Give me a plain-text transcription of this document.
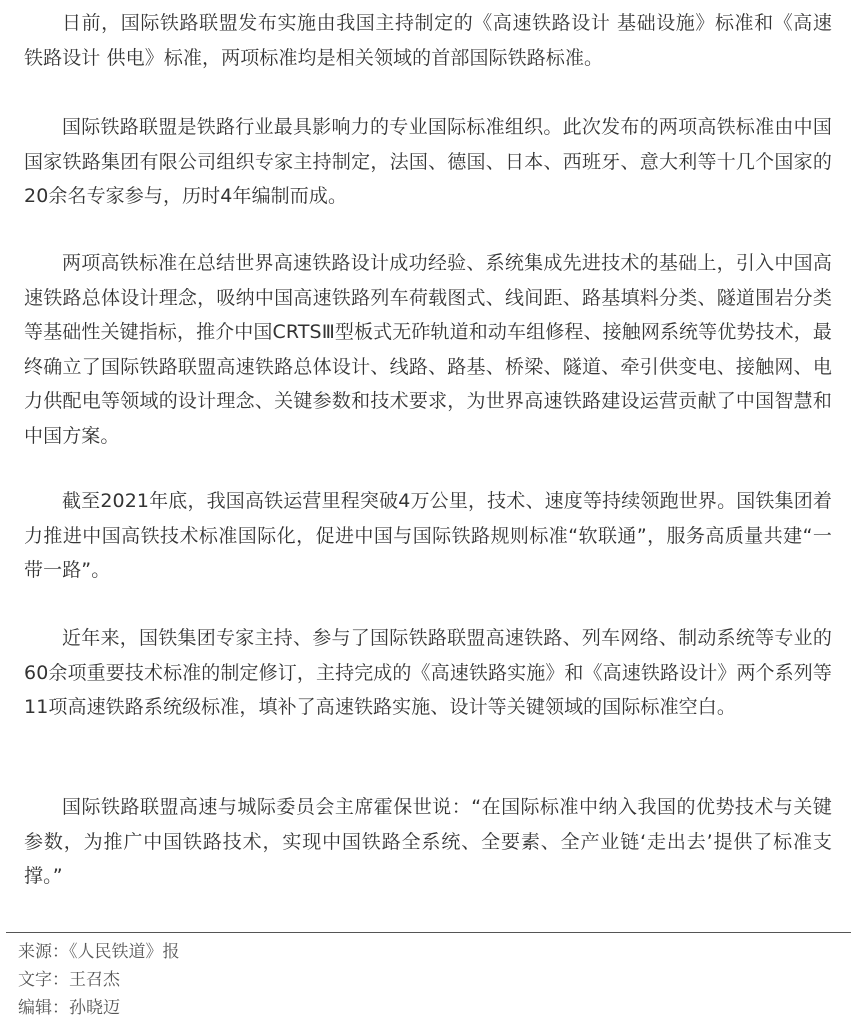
日前，国际铁路联盟发布实施由我国主持制定的《高速铁路设计 基础设施》标准和《高速铁路设计 供电》标准，两项标准均是相关领域的首部国际铁路标准。

国际铁路联盟是铁路行业最具影响力的专业国际标准组织。此次发布的两项高铁标准由中国国家铁路集团有限公司组织专家主持制定，法国、德国、日本、西班牙、意大利等十几个国家的20余名专家参与，历时4年编制而成。

两项高铁标准在总结世界高速铁路设计成功经验、系统集成先进技术的基础上，引入中国高速铁路总体设计理念，吸纳中国高速铁路列车荷载图式、线间距、路基填料分类、隧道围岩分类等基础性关键指标，推介中国CRTSⅢ型板式无砟轨道和动车组修程、接触网系统等优势技术，最终确立了国际铁路联盟高速铁路总体设计、线路、路基、桥梁、隧道、牵引供变电、接触网、电力供配电等领域的设计理念、关键参数和技术要求，为世界高速铁路建设运营贡献了中国智慧和中国方案。

截至2021年底，我国高铁运营里程突破4万公里，技术、速度等持续领跑世界。国铁集团着力推进中国高铁技术标准国际化，促进中国与国际铁路规则标准“软联通”，服务高质量共建“一带一路”。

近年来，国铁集团专家主持、参与了国际铁路联盟高速铁路、列车网络、制动系统等专业的60余项重要技术标准的制定修订，主持完成的《高速铁路实施》和《高速铁路设计》两个系列等11项高速铁路系统级标准，填补了高速铁路实施、设计等关键领域的国际标准空白。

国际铁路联盟高速与城际委员会主席霍保世说：“在国际标准中纳入我国的优势技术与关键参数，为推广中国铁路技术，实现中国铁路全系统、全要素、全产业链‘走出去’提供了标准支撑。”

来源：《人民铁道》报
文字：王召杰
编辑：孙晓迈
